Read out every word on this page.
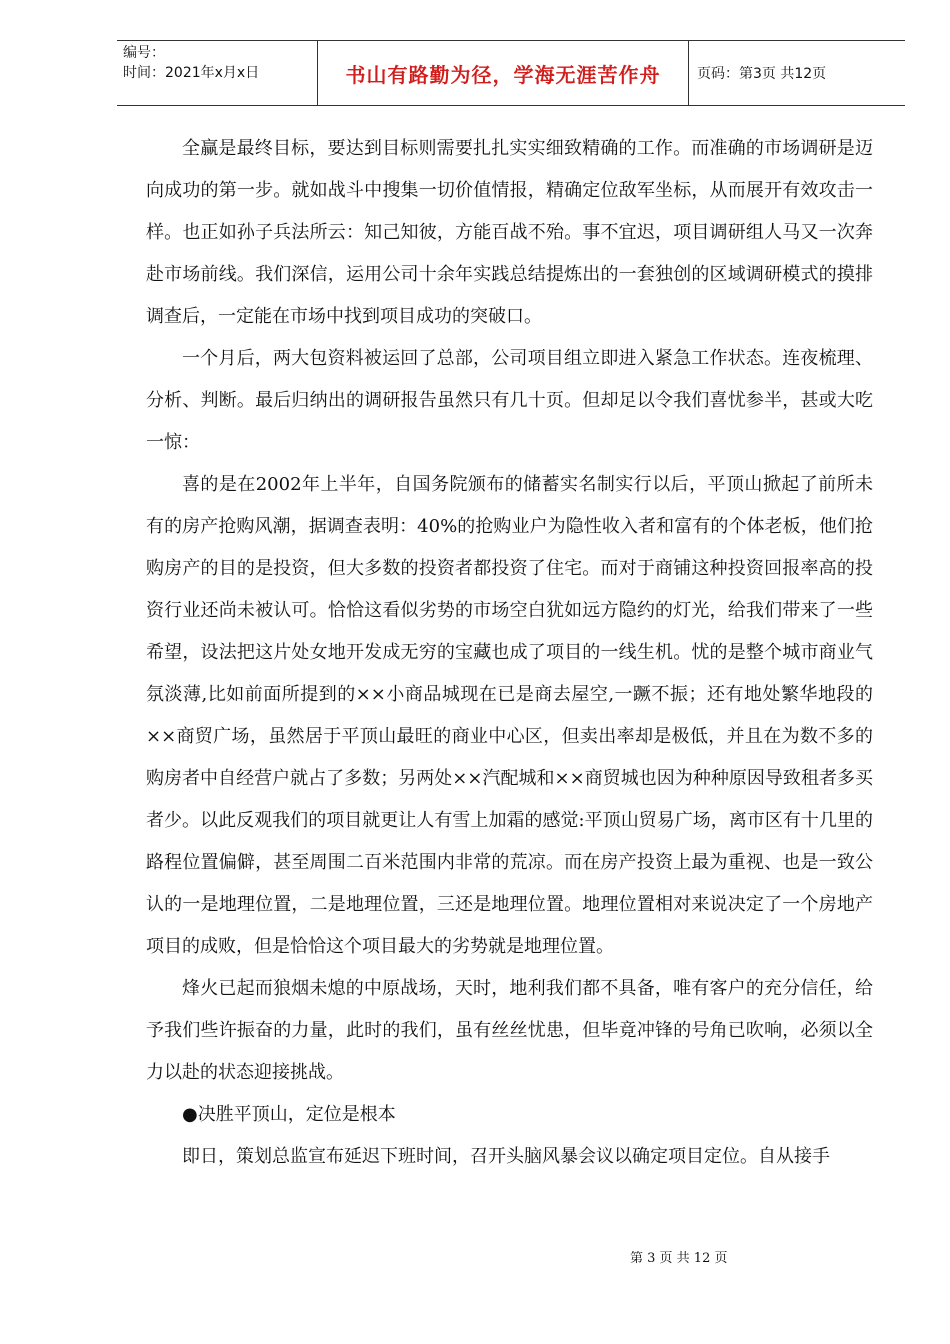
编号：
时间：2021年x月x日	书山有路勤为径，学海无涯苦作舟	页码：第3页 共12页

全赢是最终目标，要达到目标则需要扎扎实实细致精确的工作。而准确的市场调研是迈向成功的第一步。就如战斗中搜集一切价值情报，精确定位敌军坐标，从而展开有效攻击一样。也正如孙子兵法所云：知己知彼，方能百战不殆。事不宜迟，项目调研组人马又一次奔赴市场前线。我们深信，运用公司十余年实践总结提炼出的一套独创的区域调研模式的摸排调查后，一定能在市场中找到项目成功的突破口。

一个月后，两大包资料被运回了总部，公司项目组立即进入紧急工作状态。连夜梳理、分析、判断。最后归纳出的调研报告虽然只有几十页。但却足以令我们喜忧参半，甚或大吃一惊：

喜的是在2002年上半年，自国务院颁布的储蓄实名制实行以后，平顶山掀起了前所未有的房产抢购风潮，据调查表明：40%的抢购业户为隐性收入者和富有的个体老板，他们抢购房产的目的是投资，但大多数的投资者都投资了住宅。而对于商铺这种投资回报率高的投资行业还尚未被认可。恰恰这看似劣势的市场空白犹如远方隐约的灯光，给我们带来了一些希望，设法把这片处女地开发成无穷的宝藏也成了项目的一线生机。忧的是整个城市商业气氛淡薄,比如前面所提到的××小商品城现在已是商去屋空,一蹶不振；还有地处繁华地段的××商贸广场，虽然居于平顶山最旺的商业中心区，但卖出率却是极低，并且在为数不多的购房者中自经营户就占了多数；另两处××汽配城和××商贸城也因为种种原因导致租者多买者少。以此反观我们的项目就更让人有雪上加霜的感觉:平顶山贸易广场，离市区有十几里的路程位置偏僻，甚至周围二百米范围内非常的荒凉。而在房产投资上最为重视、也是一致公认的一是地理位置，二是地理位置，三还是地理位置。地理位置相对来说决定了一个房地产项目的成败，但是恰恰这个项目最大的劣势就是地理位置。

烽火已起而狼烟未熄的中原战场，天时，地利我们都不具备，唯有客户的充分信任，给予我们些许振奋的力量，此时的我们，虽有丝丝忧患，但毕竟冲锋的号角已吹响，必须以全力以赴的状态迎接挑战。

●决胜平顶山，定位是根本

即日，策划总监宣布延迟下班时间，召开头脑风暴会议以确定项目定位。自从接手

第 3 页 共 12 页
